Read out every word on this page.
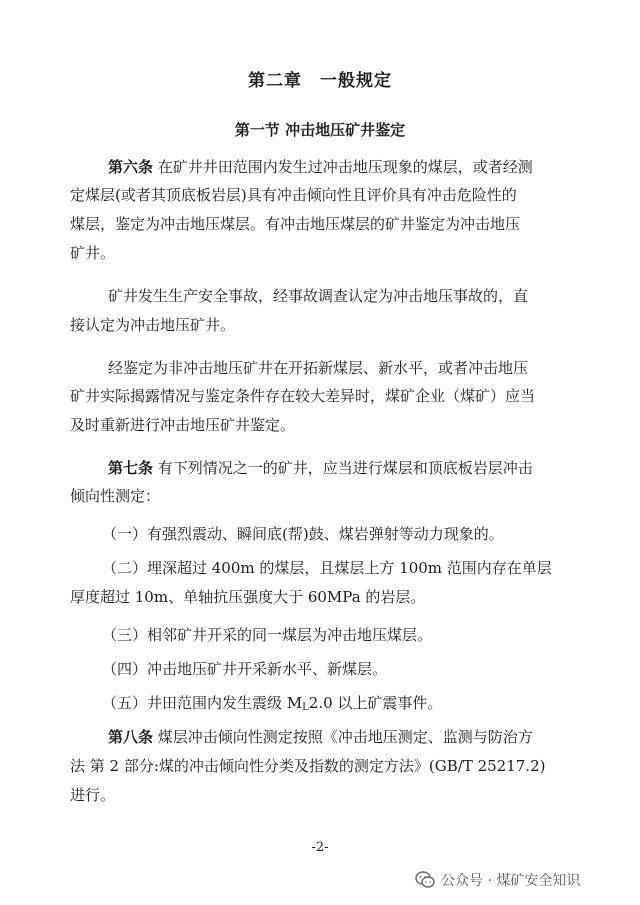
第二章　一般规定
第一节 冲击地压矿井鉴定
第六条 在矿井井田范围内发生过冲击地压现象的煤层，或者经测
定煤层(或者其顶底板岩层)具有冲击倾向性且评价具有冲击危险性的
煤层，鉴定为冲击地压煤层。有冲击地压煤层的矿井鉴定为冲击地压
矿井。
矿井发生生产安全事故，经事故调查认定为冲击地压事故的，直
接认定为冲击地压矿井。
经鉴定为非冲击地压矿井在开拓新煤层、新水平，或者冲击地压
矿井实际揭露情况与鉴定条件存在较大差异时，煤矿企业（煤矿）应当
及时重新进行冲击地压矿井鉴定。
第七条 有下列情况之一的矿井，应当进行煤层和顶底板岩层冲击
倾向性测定：
（一）有强烈震动、瞬间底(帮)鼓、煤岩弹射等动力现象的。
（二）埋深超过 400m 的煤层，且煤层上方 100m 范围内存在单层
厚度超过 10m、单轴抗压强度大于 60MPa 的岩层。
（三）相邻矿井开采的同一煤层为冲击地压煤层。
（四）冲击地压矿井开采新水平、新煤层。
（五）井田范围内发生震级 $M_L2.0$ 以上矿震事件。
第八条 煤层冲击倾向性测定按照《冲击地压测定、监测与防治方
法 第 2 部分:煤的冲击倾向性分类及指数的测定方法》(GB/T 25217.2)
进行。
-2-
公众号 · 煤矿安全知识
